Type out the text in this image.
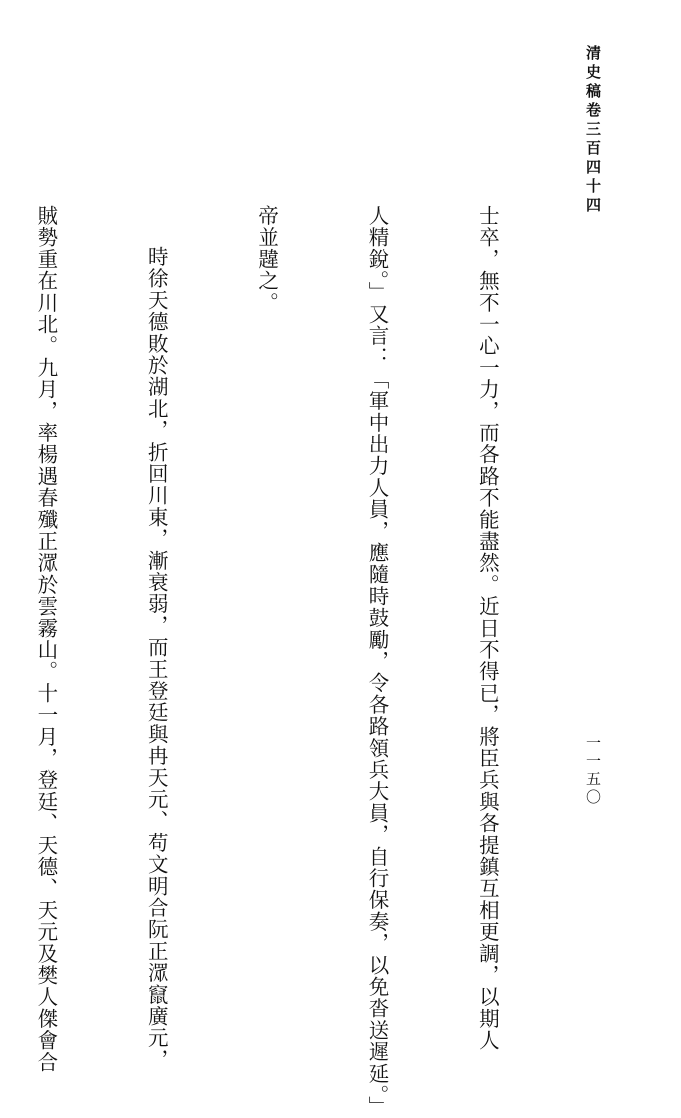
清史稿卷三百四十四
一一五〇

士卒，無不一心一力，而各路不能盡然。近日不得已，將臣兵與各提鎮互相更調，以期人

人精銳。」又言：「軍中出力人員，應隨時鼓勵，令各路領兵大員，自行保奏，以免沓送遲延。」

帝並韙之。

時徐天德敗於湖北，折回川東，漸衰弱，而王登廷與冉天元、苟文明合阮正潀竄廣元，

賊勢重在川北。九月，率楊遇春殲正潀於雲霧山。十一月，登廷、天德、天元及樊人傑會合
